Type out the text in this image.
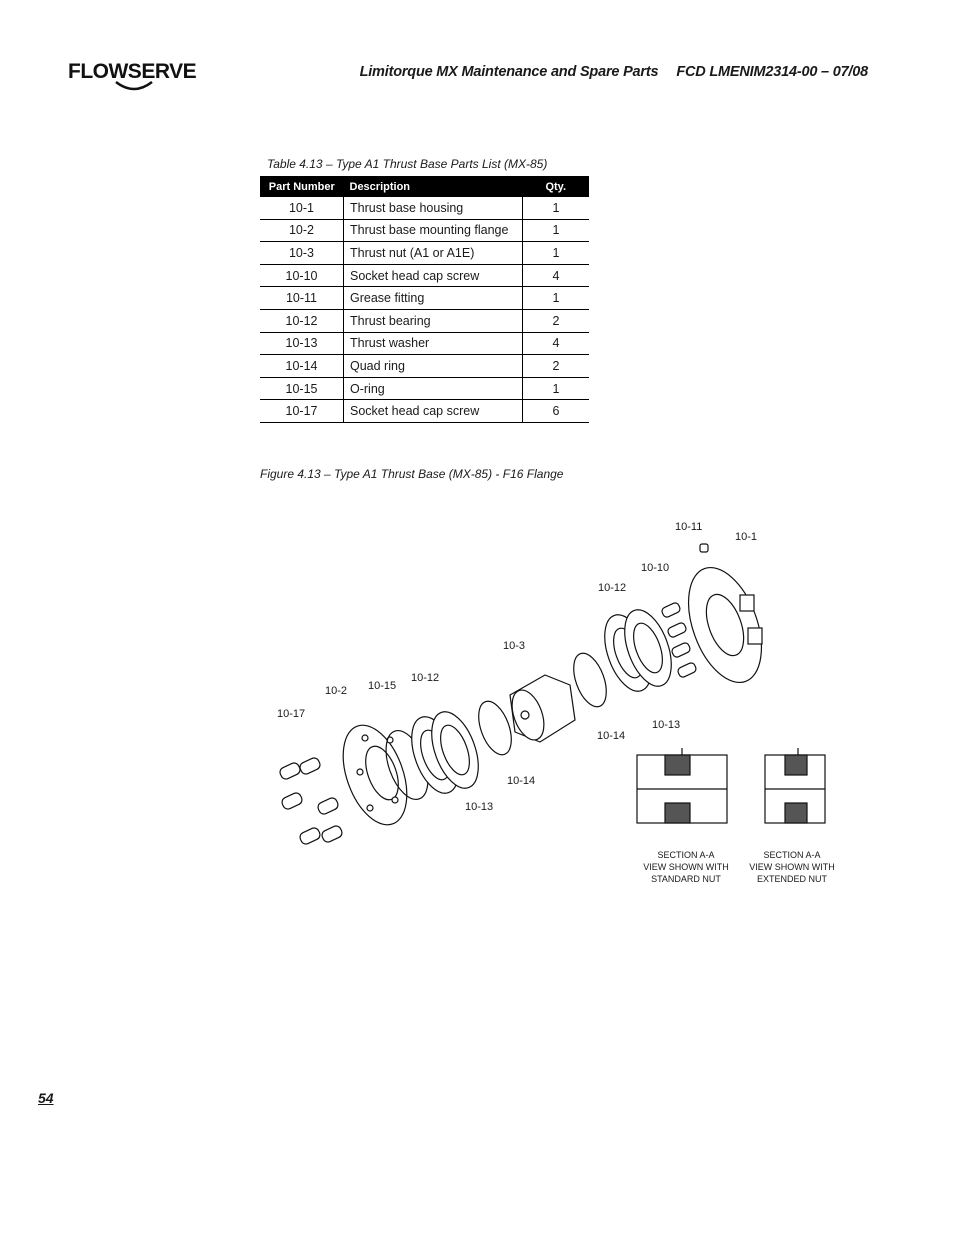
FLOWSERVE	Limitorque MX Maintenance and Spare Parts FCD LMENIM2314-00 – 07/08
Table 4.13 – Type A1 Thrust Base Parts List (MX-85)
Part Number	Description	Qty.
10-1	Thrust base housing	1
10-2	Thrust base mounting flange	1
10-3	Thrust nut (A1 or A1E)	1
10-10	Socket head cap screw	4
10-11	Grease fitting	1
10-12	Thrust bearing	2
10-13	Thrust washer	4
10-14	Quad ring	2
10-15	O-ring	1
10-17	Socket head cap screw	6
Figure 4.13 – Type A1 Thrust Base (MX-85) - F16 Flange
10-11
10-1
10-10
10-12
10-3
10-2 10-15
10-12
10-17
10-14
10-13
10-14
10-13
SECTION A-A
VIEW SHOWN WITH
STANDARD NUT
SECTION A-A
VIEW SHOWN WITH
EXTENDED NUT
54
